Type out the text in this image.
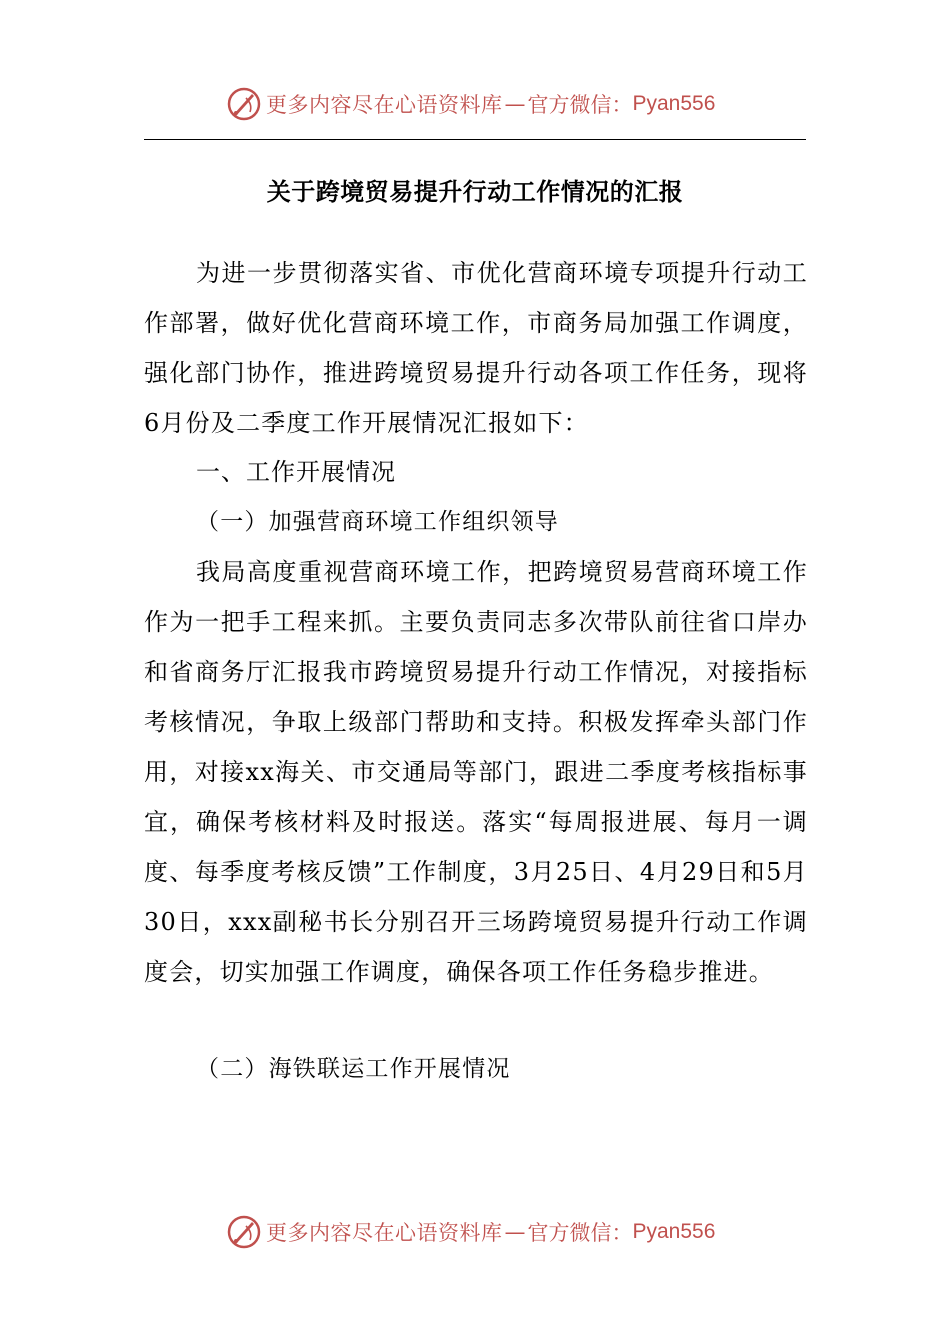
更多内容尽在心语资料库 — 官方微信： Pyan556
关于跨境贸易提升行动工作情况的汇报

为进一步贯彻落实省、市优化营商环境专项提升行动工作部署，做好优化营商环境工作，市商务局加强工作调度，强化部门协作，推进跨境贸易提升行动各项工作任务，现将6月份及二季度工作开展情况汇报如下：

一、工作开展情况

（一）加强营商环境工作组织领导

我局高度重视营商环境工作，把跨境贸易营商环境工作作为一把手工程来抓。主要负责同志多次带队前往省口岸办和省商务厅汇报我市跨境贸易提升行动工作情况，对接指标考核情况，争取上级部门帮助和支持。积极发挥牵头部门作用，对接xx海关、市交通局等部门，跟进二季度考核指标事宜，确保考核材料及时报送。落实“每周报进展、每月一调度、每季度考核反馈”工作制度，3月25日、4月29日和5月30日，xxx副秘书长分别召开三场跨境贸易提升行动工作调度会，切实加强工作调度，确保各项工作任务稳步推进。

（二）海铁联运工作开展情况

更多内容尽在心语资料库 — 官方微信： Pyan556
